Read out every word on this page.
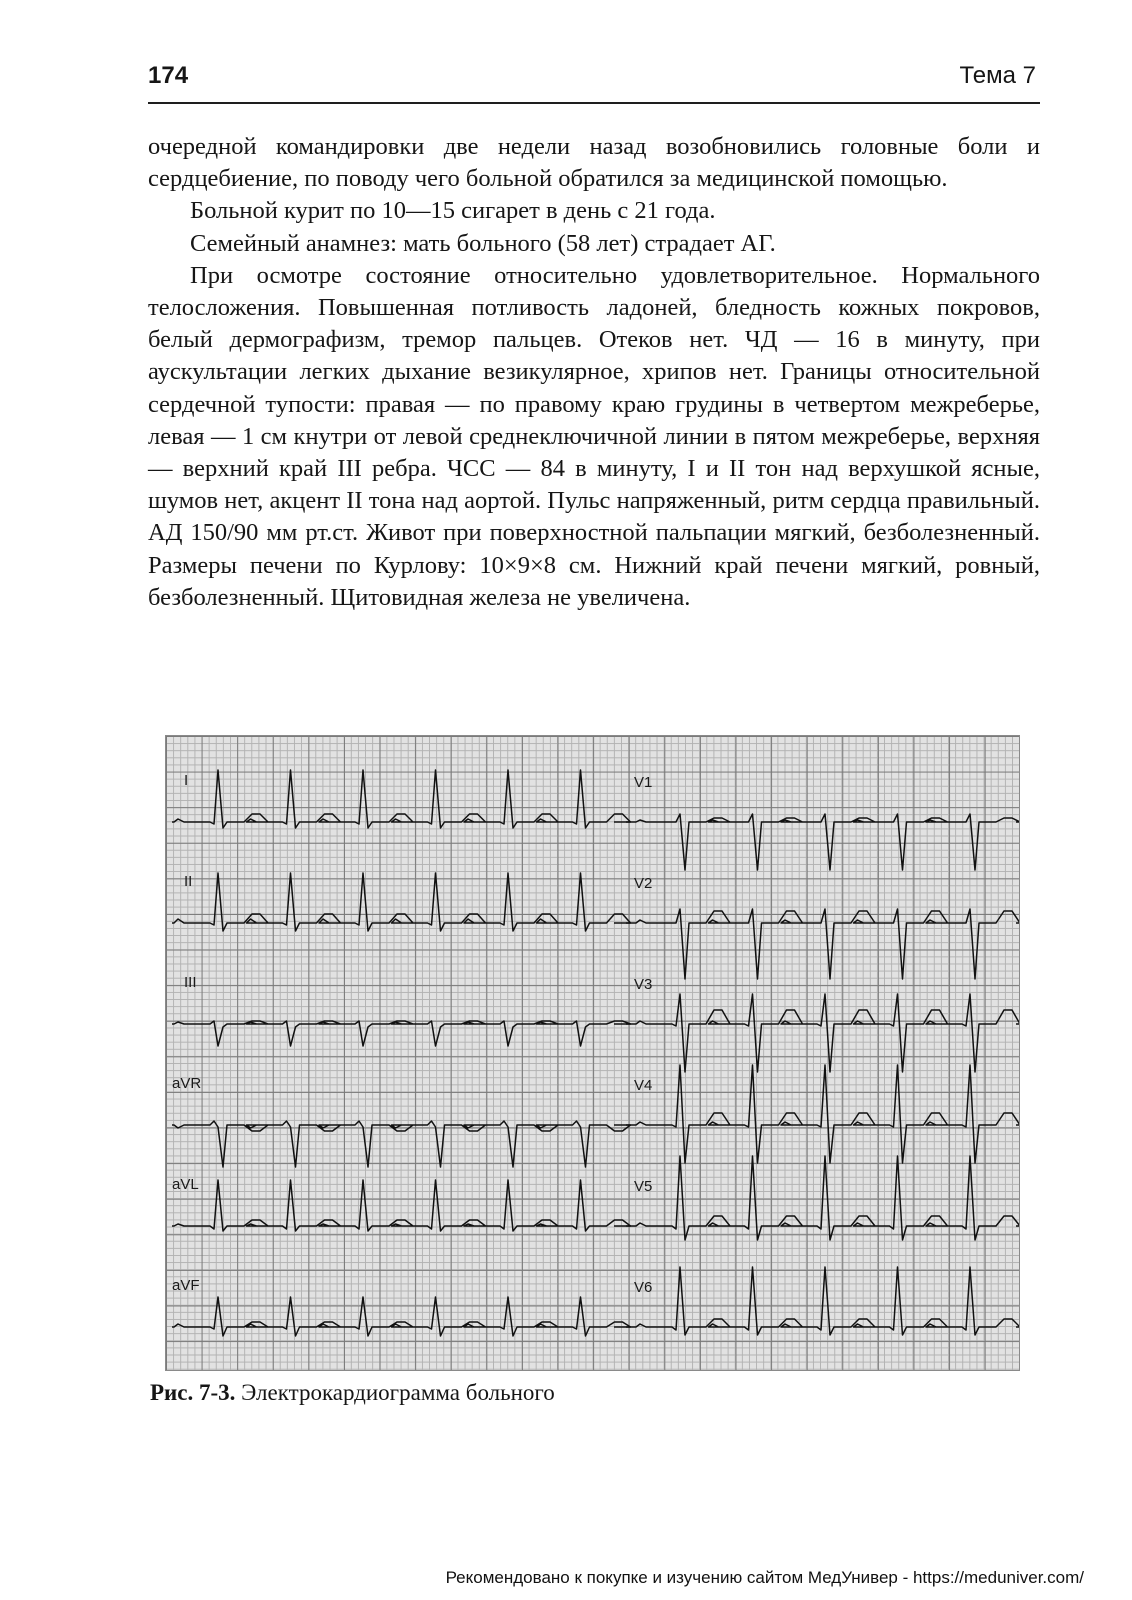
174	Тема 7

очередной командировки две недели назад возобновились головные боли и сердцебиение, по поводу чего больной обратился за медицинской помощью.

Больной курит по 10—15 сигарет в день с 21 года.

Семейный анамнез: мать больного (58 лет) страдает АГ.

При осмотре состояние относительно удовлетворительное. Нормального телосложения. Повышенная потливость ладоней, бледность кожных покровов, белый дермографизм, тремор пальцев. Отеков нет. ЧД — 16 в минуту, при аускультации легких дыхание везикулярное, хрипов нет. Границы относительной сердечной тупости: правая — по правому краю грудины в четвертом межреберье, левая — 1 см кнутри от левой среднеключичной линии в пятом межреберье, верхняя — верхний край III ребра. ЧСС — 84 в минуту, I и II тон над верхушкой ясные, шумов нет, акцент II тона над аортой. Пульс напряженный, ритм сердца правильный. АД 150/90 мм рт.ст. Живот при поверхностной пальпации мягкий, безболезненный. Размеры печени по Курлову: 10×9×8 см. Нижний край печени мягкий, ровный, безболезненный. Щитовидная железа не увеличена.

I
II
III
aVR
aVL
aVF
V1
V2
V3
V4
V5
V6
Рис. 7-3. Электрокардиограмма больного
Рекомендовано к покупке и изучению сайтом МедУнивер - https://meduniver.com/
